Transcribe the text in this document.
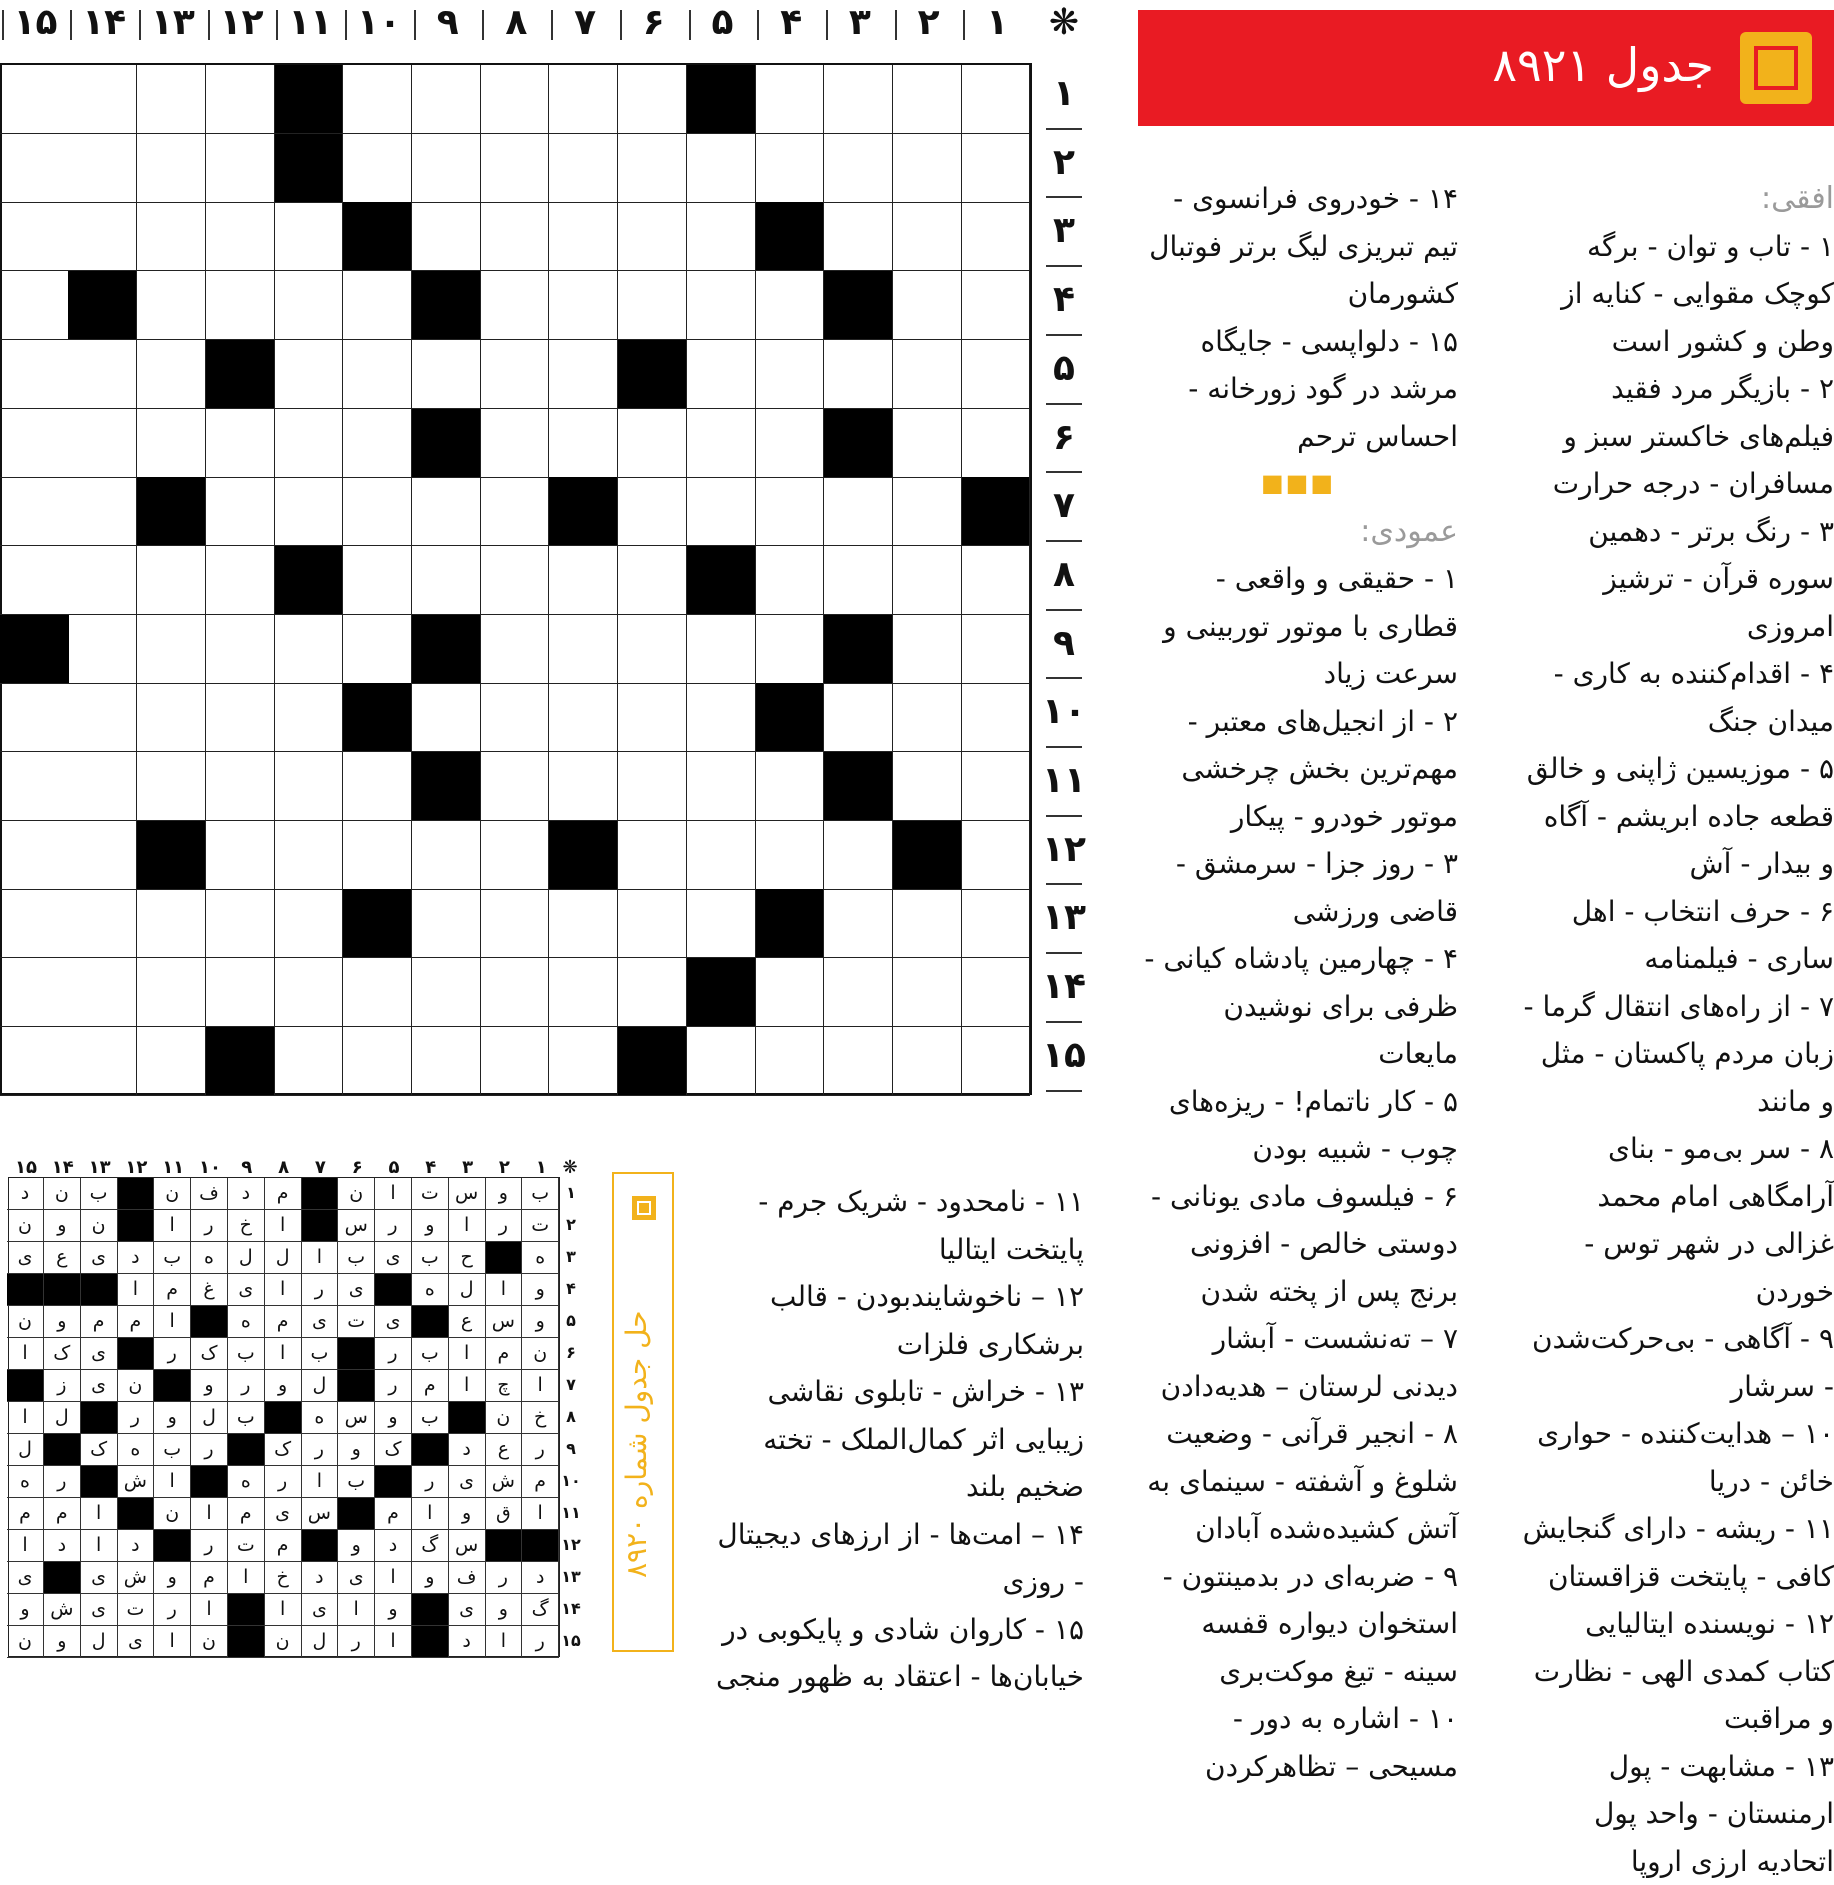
❋
۱
۲
۳
۴
۵
۶
۷
۸
۹
۱۰
۱۱
۱۲
۱۳
۱۴
۱۵
۱
۲
۳
۴
۵
۶
۷
۸
۹
۱۰
۱۱
۱۲
۱۳
۱۴
۱۵
جدول ۸۹۲۱

افقی:

۱ - تاب و توان - برگه کوچک مقوایی - کنایه از وطن و کشور است

۲ - بازیگر مرد فقید فیلم‌های خاکستر سبز و مسافران - درجه حرارت

۳ - رنگ برتر - دهمین سوره قرآن - ترشیز امروزی

۴ - اقدام‌کننده به کاری - میدان جنگ

۵ - موزیسین ژاپنی و خالق قطعه جاده ابریشم - آگاه و بیدار - آش

۶ - حرف انتخاب - اهل ساری - فیلمنامه

۷ - از راه‌های انتقال گرما - زبان مردم پاکستان - مثل و مانند

۸ - سر بی‌مو - بنای آرامگاهی امام محمد غزالی در شهر توس - خوردن

۹ - آگاهی - بی‌حرکت‌شدن - سرشار

۱۰ – هدایت‌کننده - حواری خائن - دریا

۱۱ - ریشه - دارای گنجایش کافی - پایتخت قزاقستان

۱۲ - نویسنده ایتالیایی کتاب کمدی الهی - نظارت و مراقبت

۱۳ - مشابهت - پول ارمنستان - واحد پول اتحادیه ارزی اروپا

۱۴ - خودروی فرانسوی - تیم تبریزی لیگ برتر فوتبال کشورمان

۱۵ - دلواپسی - جایگاه مرشد در گود زورخانه - احساس ترحم

■■■

عمودی:

۱ - حقیقی و واقعی - قطاری با موتور توربینی و سرعت زیاد

۲ - از انجیل‌های معتبر - مهم‌ترین بخش چرخشی موتور خودرو - پیکار

۳ - روز جزا - سرمشق - قاضی ورزشی

۴ - چهارمین پادشاه کیانی - ظرفی برای نوشیدن مایعات

۵ - کار ناتمام! - ریزه‌های چوب - شبیه بودن

۶ - فیلسوف مادی یونانی - دوستی خالص - افزونی برنج پس از پخته شدن

۷ – تەنشست - آبشار دیدنی لرستان – هدیه‌دادن

۸ - انجیر قرآنی - وضعیت شلوغ و آشفته - سینمای به آتش کشیده‌شده آبادان

۹ - ضربه‌ای در بدمینتون - استخوان دیواره قفسه سینه - تیغ موکت‌بری

۱۰ - اشاره به دور - مسیحی – تظاهرکردن

۱۱ - نامحدود - شریک جرم - پایتخت ایتالیا

۱۲ – ناخوشایندبودن - قالب برشکاری فلزات

۱۳ - خراش - تابلوی نقاشی زیبایی اثر کمال‌الملک - تخته ضخیم بلند

۱۴ – امت‌ها - از ارزهای دیجیتال - روزی

۱۵ - کاروان شادی و پایکوبی در خیابان‌ها - اعتقاد به ظهور منجی

❋
۱
۲
۳
۴
۵
۶
۷
۸
۹
۱۰
۱۱
۱۲
۱۳
۱۴
۱۵
ب
و
س
ت
ا
ن
م
د
ف
ن
ب
ن
د
ت
ر
ا
و
ر
س
ا
خ
ر
ا
ن
و
ن
ه
ح
ب
ی
ب
ا
ل
ل
ه
ب
د
ی
ع
ی
و
ا
ل
ه
ی
ر
ا
ی
غ
م
ا
و
س
ع
ی
ت
ی
م
ه
ا
م
م
و
ن
ن
م
ا
ب
ر
ب
ا
ب
ک
ر
ی
ک
ا
ا
چ
ا
م
ر
ل
و
ر
و
ن
ی
ز
خ
ن
ب
و
س
ه
ب
ل
و
ر
ل
ا
ر
ع
د
ک
و
ر
ک
ر
ب
ه
ک
ل
م
ش
ی
ر
ب
ا
ر
ه
ا
ش
ر
ه
ا
ق
و
ا
م
س
ی
م
ا
ن
ا
م
م
س
گ
د
و
م
ت
ر
د
ا
د
ا
د
ر
ف
و
ا
ی
د
خ
ا
م
و
ش
ی
ی
گ
و
ی
و
ا
ی
ا
ا
ر
ت
ی
ش
و
ر
ا
د
ا
ر
ل
ن
ن
ا
ی
ل
و
ن
۱
۲
۳
۴
۵
۶
۷
۸
۹
۱۰
۱۱
۱۲
۱۳
۱۴
۱۵
حل جدول شماره ۸۹۲۰
